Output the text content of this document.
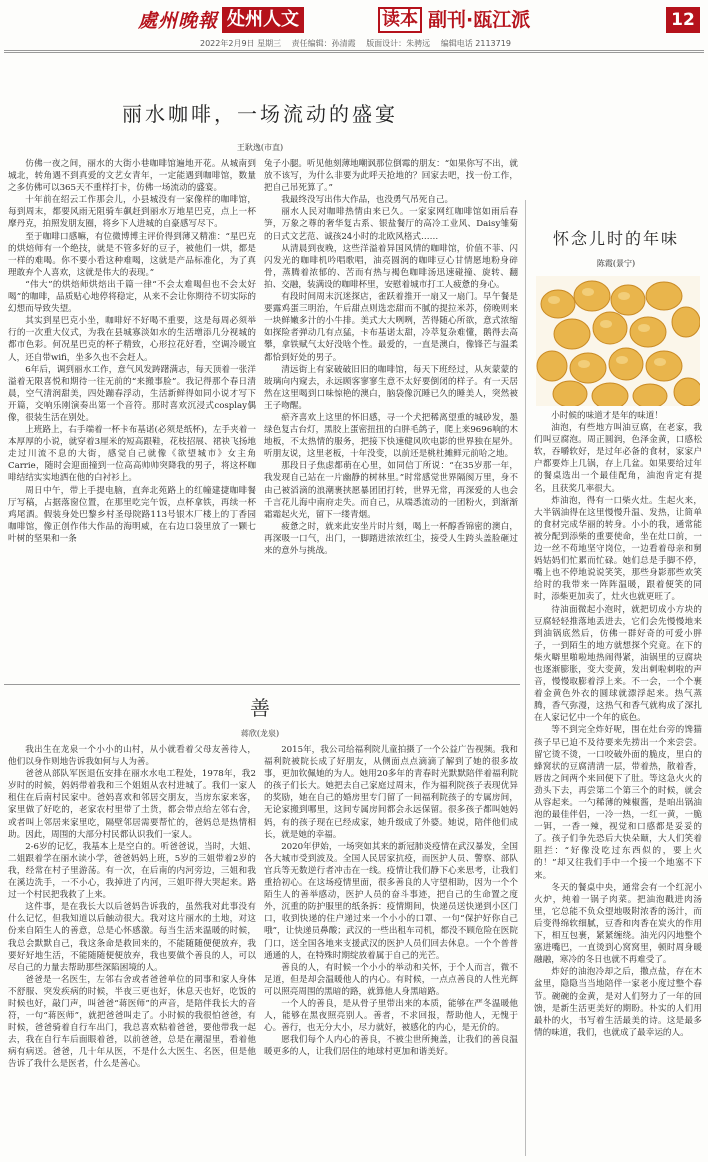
處州晚報 处州人文	读本 副刊·瓯江派	12
2022年2月9日 星期三 责任编辑：孙清霞 版面设计：朱骋远 编辑电话 2113719
丽水咖啡，一场流动的盛宴
王耿逸(市直)

仿佛一夜之间，丽水的大街小巷咖啡馆遍地开花。从城南到城北，转角遇不到真爱的文艺女青年，一定能遇到咖啡馆，数量之多仿佛可以365天不重样打卡，仿佛一场流动的盛宴。

十年前在绍云工作那会儿，小县城没有一家像样的咖啡馆，每到周末，都要风雨无阻骑车飙赶到丽水万地星巴克，点上一杯摩丹克，拍照发朋友圈，将乡下人进城的自豪感写尽下。

至于咖啡口感嘛，有位微博博主评价得到薄又精准：“星巴克的烘焙师有一个绝技，就是不管多好的豆子，被他们一烘，都是一样的难喝。你不要小看这种难喝，这就是产品标准化，为了真理敢弃个人喜欢，这就是伟大的表现。”

“伟大”的烘焙师烘焙出千篇一律“不会太难喝但也不会太好喝”的咖啡，品质贴心地停将稳定，从来不会让你期待不切实际的幻想而导致失望。

其实到星巴克小坐，咖啡好不好喝不重要，这是每周必须举行的一次重大仪式，为我在县城寡淡如水的生活增添几分视城的都市色彩。何况星巴克的杯子精致，心形拉花好看，空调冷暖宜人，还自带wifi，坐多久也不会赶人。

6年后，调到丽水工作，意气风发踌躇满志，每天顶着一张洋溢着无限喜悦和期待一往无前的“来搬事脸”。我记得那个春日清晨，空气清润甜美，四处蹦春浮动，生活新鲜得如同小说才写下开篇，交响乐刚演奏出第一个音符。那时喜欢沉浸式cosplay偶像，很装生活在别处。

上班路上，右手端着一杯卡布基诺(必须是纸杯)，左手夹着一本厚厚的小说，就穿着3厘米的短高跟鞋，花枝招展、裙袂飞扬地走过川流不息的大街，感觉自己就像《欲望城市》女主角Carrie，随时会迎面撞到一位高高帅帅突降我的男子，将这杯咖啡结结实实地洒在他的白衬衫上。

周日中午，带上手提电脑，直奔北苑路上的红幢建捷咖啡餐厅写稿，占据落窗位置，在那里吃完午饭，点杯拿铁，再续一杯鸡尾酒。假装身处巴黎乡村圣母院路113号银木厂楼上的丁香园咖啡馆，像正创作伟大作品的海明威，在右边口袋里放了一颗七叶树的坚果和一条

兔子小腿。听见他刻薄地嘲讽那位倒霉的朋友：“如果你写不出，就放不该写，为什么非要为此呼天抢地的？回家去吧，找一份工作，把自己吊死算了。”

我最终没写出伟大作品，也没勇气吊死自己。

丽水人民对咖啡热情由来已久。一家家网红咖啡馆如雨后春笋，万象之尊的奢华复古系、银盐餐厅的高冷工业风、Daisy雏菊的日式文艺范、诚孩24小时的北欧风格式……

从清晨到夜晚，这些洋溢着异国风情的咖啡馆，价值不菲、闪闪发光的咖啡机吟唱歌唱，油亮圆润的咖啡豆心甘情愿地粉身碎骨，蒸腾着浓郁的、苦而有热与褐色咖啡汤迅速碰撞、旋转、翻拍、交融，装满设的咖啡杯里，安慰着城市打工人疲惫的身心。

有段时间周末沉迷探店，雀跃着推开一扇又一扇门。早午餐是要露鸡蛋三明治，午后甜点则选恋甜而不腻的提拉米苏，傍晚则来一块鲜嫩多汁的小牛排。美式大大咧咧，苦得随心所欲，意式浓缩如探险者弹动几有点猛，卡布基诺太甜，冷萃复杂难懂，鹅得去高攀，拿铁赋气太好没啥个性。最爱的，一直是澳白，像锋芒与温柔都恰到好处的男子。

清远街上有家破破旧旧的咖啡馆，每天下班经过，从灰蒙蒙的玻璃向内窥去，永远顾客寥寥生意不太好要倒闭的样子。有一天居然在这里喝到口味惊艳的澳白，脑袋像沉睡已久的睡美人，突然被王子吻醒。

瘀齐喜欢上这里的怀旧感，寻一个犬把稀离望重的城砂发，墨绿色复古台灯，黑胶上蛋密扭扭的白胖毛鸽子，爬上来9696响的木地板，不太热情的服务，把接下快速健风吹电影的世界独在屋外。听朋友说，这里老板，十年没变，以前还是桃杜摊鲜元前哈之地。

那段日子焦虑都萌在心里，如同信丁所说：“在35岁那一年，我发现自己站在一片幽静的树林里。”时常感觉世界隔阂万里，身不由己被滔滴的浪潮裹挟愿暴团团打转，世界无常，再深爱的人也会千言花儿海中南府走失。而自己，从端悉流动的一团粉火，到渐渐霜霜起火光，留下一缕青烟。

疲惫之时，就来此安坐片时片刻，喝上一杯醇香锦密的澳白，再深吸一口气，出门，一脚踏进浓浓红尘，接受人生跨头盖脸砸过来的意外与挑战。

善
蒋欣(龙泉)

我出生在龙泉一个小小的山村，从小就看着父母友善待人，他们以身作则地告诉我如何与人为善。

爸爸从部队军医退伍安排在丽水水电工程处，1978年，我2岁时的时候，妈妈带着我和三个姐姐从农村进城了。我们一家人租住在后南村民家中。爸妈喜欢和邻居交朋友，当房东家来客，家里做了好吃的，老家农村里带了土货，都会带点给左邻右舍，或者叫上邻居来家里吃，隔壁邻居需要帮忙的，爸妈总是热情相助。因此，周围的大部分村民都认识我们一家人。

2-6岁的记忆，我基本上是空白的。听爸爸说，当时，大姐、二姐跟着学在丽水读小学，爸爸妈妈上班，5岁的三姐带着2岁的我，经常在村子里游荡。有一次，在后南的内河旁边，三姐和我在溪边洗手，一不小心，我掉进了内河，三姐吓得大哭起来。路过一个村民把我救了上来。

这件事，是在我长大以后爸妈告诉我的，虽然我对此事没有什么记忆，但我知道以后触动很大。我对这片丽水的土地，对这份来自陌生人的善意，总是心怀感激。每当生活来温暖的时候，我总会默默自己，我这条命是救回来的，不能随随便便放弃，我要好好地生活，不能随随便便放弃，我也要做个善良的人，可以尽自己的力量去帮助那些深陷困境的人。

爸爸是一名医生，左邻右舍或者爸爸单位的同事和家人身体不舒服、突发疾病的时候，半夜三更也好，休息天也好，吃饭的时候也好，敲门声，叫爸爸“蒋医师”的声音，是陪伴我长大的音符，一句“蒋医师”，就把爸爸叫走了。小时候的我很怕爸爸，有时候，爸爸骑着自行车出门，我总喜欢粘着爸爸，要他带我一起去，我在自行车后面眼着爸，以前爸爸，总是在潮湿里，看着他病有病送。爸爸，几十年从医，不是什么大医生、名医，但是他告诉了我什么是医者，什么是善心。

2015年，我公司给福利院儿童拍摄了一个公益广告视频。我和福利院被院长成了好朋友，从侧面点点滴滴了解到了她的很多故事，更加钦佩她的为人。她用20多年的青春时光默默陪伴着福利院的孩子们长大。她把去自己家庭过周末，作为福利院孩子表现优异的奖励，她在自己的婚房里专门留了一间福利院孩子的专属房间，无论家搬到哪里，这间专属房间都会永远保留。很多孩子都叫她妈妈，有的孩子现在已经成家，她升级成了外婆。她说，陪伴他们成长，就是她的幸福。

2020年伊始，一场突如其来的新冠肺炎疫情在武汉暴发，全国各大城市受到波及。全国人民居家抗疫，而医护人员、警察、部队官兵等无数逆行者冲击在一线。疫情让我们静下心来思考，让我们重拾初心。在这场疫情里面，很多善良的人守望相助，因为一个个陌生人的善举感动，医护人员的奋斗事迹，把自己的生命置之度外，沉重的防护服里的纸条拆：疫情期间，快递员送快递到小区门口，收到快递的住户递过来一个小小的口罩、一句“保护好你自己哦”，让快递员鼻酸；武汉的一些出租车司机，都没不顾危险在医院门口，送全国各地来支援武汉的医护人员们回去休息。一个个普普通通的人，在特殊时期绽放着属于自己的光芒。

善良的人，有时候一个小小的举动和关怀，于个人而言，微不足道，但是却会温暖他人的内心。有时候，一点点善良的人性光辉可以照亮周围的黑暗的路，就算他人身黑暗路。

一个人的善良，是从骨子里带出来的本质，能够在严冬温暖他人，能够在黑夜照亮别人。善者，不求回报，帮助他人，无愧于心。善行，也无分大小，尽力就好，被感化的内心，是无价的。

愿我们每个人内心的善良，不被尘世所掩盖，让我们的善良温暖更多的人，让我们居住的地球村更加和谐美好。

怀念儿时的年味
陈霞(景宁)

小时候的味道才是年的味道！

油泡，有些地方叫油豆腐，在老家，我们叫豆腐泡。周正圆润，色泽金黄，口感松软，吞嚼软好，是过年必备的食材，家家户户都要炸上几锅，存上几盆。如果要给过年的餐桌选出一个最佳配角，油泡肯定有提名，且获奖几率很大。

炸油泡，得有一口柴火灶。生起火来，大半锅油得在这里慢慢升温、发热，让简单的食材完成华丽的转身。小小的我，通常能被分配到添柴的重要使命，坐在灶口前，一边一丝不苟地坚守岗位，一边看着母亲和舅妈姑妈们忙累而忙碌。她们总是手脚不停，嘴上也不停地说说笑笑，那些身影那些欢笑给时的我带来一阵阵温暖，跟着便笑的同时，添柴更加卖了，灶火也就更旺了。

待油面微起小泡时，就把切成小方块的豆腐轻轻推落地丢进去，它们会先慢慢地来到油锅底然后，仿佛一群好奇的可爱小胖子，一到陌生的地方就想探个究竟。在下的柴火噼里啪啦地热闹得紧，油锅里的豆腐块也逐渐膨胀，变大变黄，发出刺啦刺啦的声音，慢慢取膨着浮上来。不一会，一个个裹着金黄色外衣的圆球就漂浮起来。热气蒸腾，香气弥漫，这热气和香气就构成了深扎在人家记忆中一个年的底色。

等不到完全炸好呢，围在灶台旁的馋猫孩子早已迫不及待要来先捞出一个来尝尝。留它烫不烫，一口咬破外面的脆皮，里白的蜂窝状的豆腐清清一层，带着热，散着香，唇齿之间两个来回便下了肚。等这急火火的劲头下去，再尝第二个第三个的时候，就会从容起来。一勺稀薄的辣椒酱，是咱出锅油泡的最佳伴侣，一冷一热，一红一黄，一脆一铒，一香一辣，视觉和口感都是妥妥的了。孩子们争先恐后大快朵颐，大人们笑着阻拦：“好像没吃过东西似的，要上火的！”却又往我们手中一个接一个地塞不下来。

冬天的餐桌中央，通常会有一个红泥小火炉，炖着一锅子肉菜。把油泡戳进肉汤里，它总能不负众望地吸附浓香的汤汁，而后变得绵软细腻，豆香和肉香在炭火的作用下，相互包裹，紧紧缠绕。油光闪闪地整个塞进嘴巴，一直烫到心窝窝里，顿时周身暖融融，寒冷的冬日也就不再难受了。

炸好的油泡冷却之后，撒点盐，存在木盆里，隐隐当当地陪伴一家老小度过整个春节。碗碗的金黄，是对人们努力了一年的回馈，是新生活更美好的期盼。朴实的人们用最朴的火，书写着生活最美的诗。这是最多情的味道，我们，也就成了最幸运的人。
